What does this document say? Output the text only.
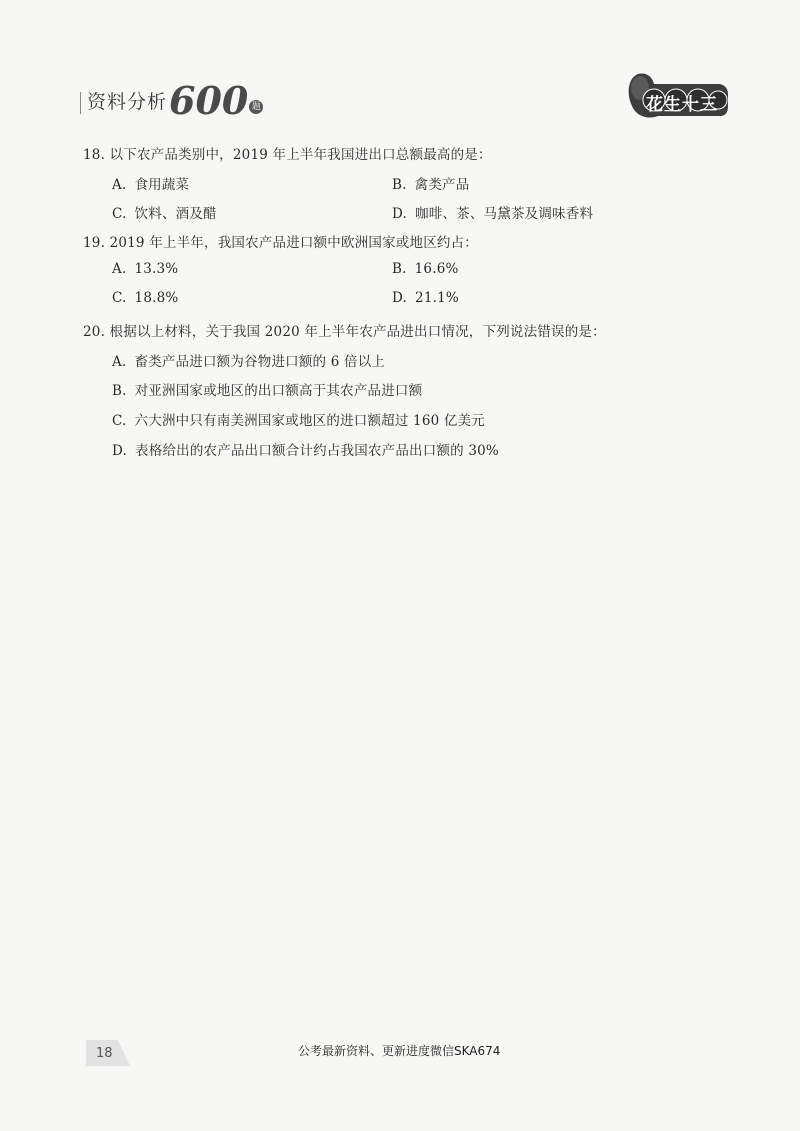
资料分析 600 题	花生十三
18. 以下农产品类别中，2019 年上半年我国进出口总额最高的是：
A. 食用蔬菜	B. 禽类产品
C. 饮料、酒及醋	D. 咖啡、茶、马黛茶及调味香料
19. 2019 年上半年，我国农产品进口额中欧洲国家或地区约占：
A. 13.3%	B. 16.6%
C. 18.8%	D. 21.1%
20. 根据以上材料，关于我国 2020 年上半年农产品进出口情况，下列说法错误的是：
A. 畜类产品进口额为谷物进口额的 6 倍以上
B. 对亚洲国家或地区的出口额高于其农产品进口额
C. 六大洲中只有南美洲国家或地区的进口额超过 160 亿美元
D. 表格给出的农产品出口额合计约占我国农产品出口额的 30%
18	公考最新资料、更新进度微信SKA674
